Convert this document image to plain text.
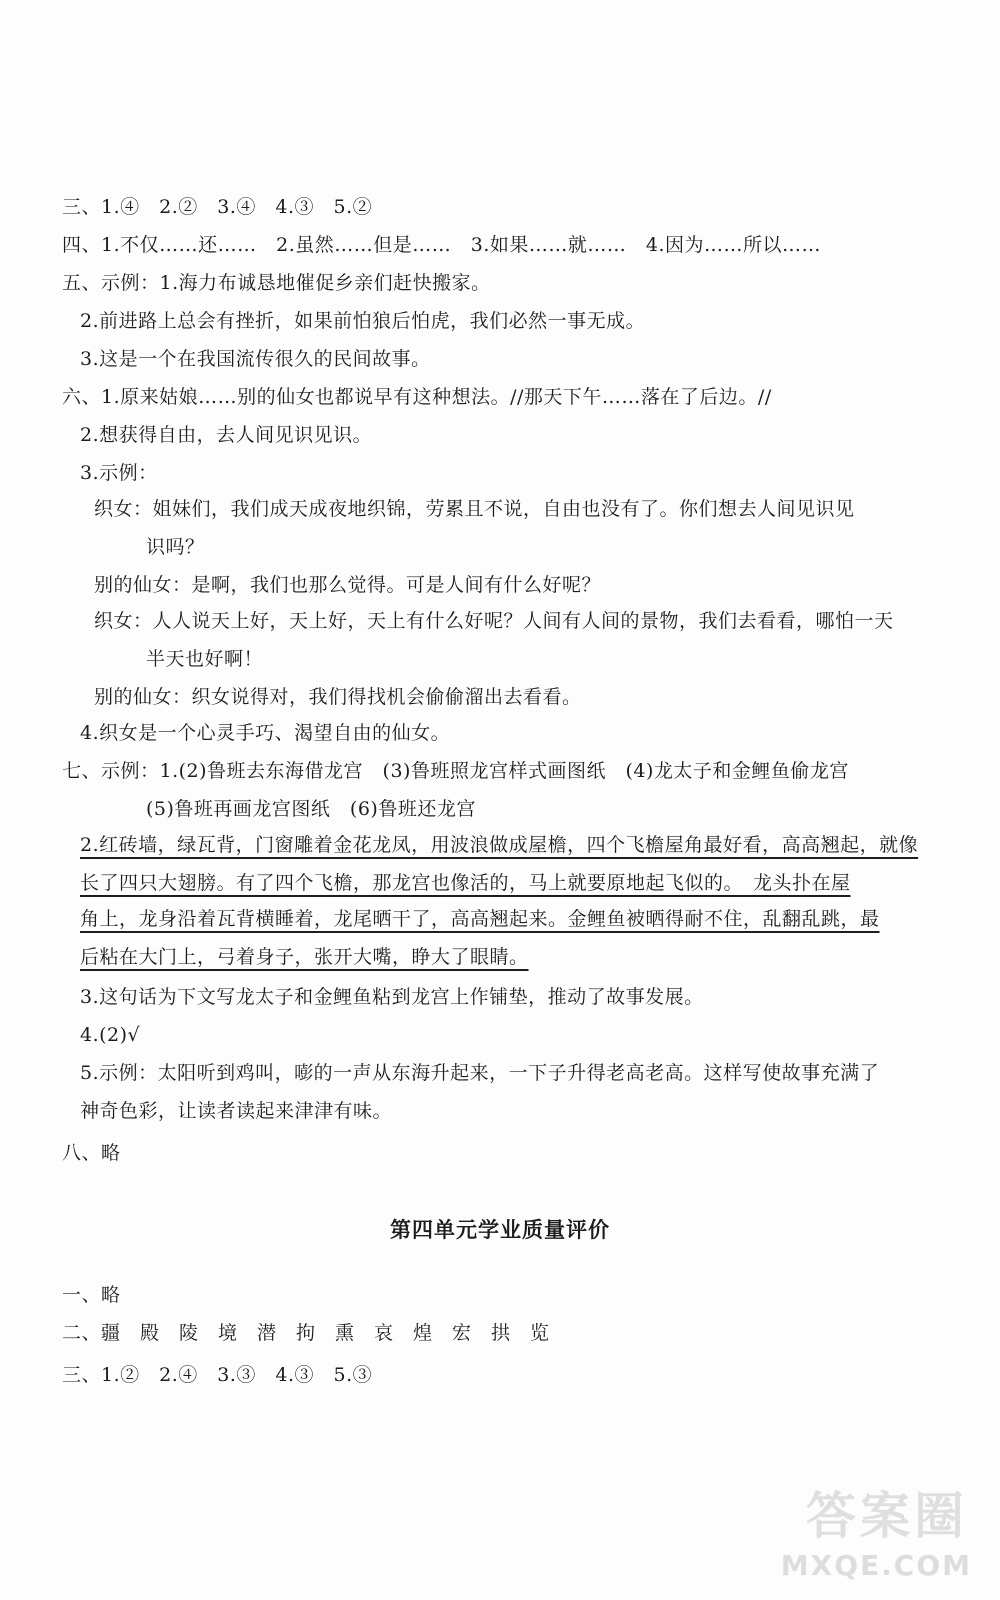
三、1.④　2.②　3.④　4.③　5.②
四、1.不仅……还……　2.虽然……但是……　3.如果……就……　4.因为……所以……
五、示例：1.海力布诚恳地催促乡亲们赶快搬家。
2.前进路上总会有挫折，如果前怕狼后怕虎，我们必然一事无成。
3.这是一个在我国流传很久的民间故事。
六、1.原来姑娘……别的仙女也都说早有这种想法。//那天下午……落在了后边。//
2.想获得自由，去人间见识见识。
3.示例：
织女：姐妹们，我们成天成夜地织锦，劳累且不说，自由也没有了。你们想去人间见识见
识吗？
别的仙女：是啊，我们也那么觉得。可是人间有什么好呢？
织女：人人说天上好，天上好，天上有什么好呢？人间有人间的景物，我们去看看，哪怕一天
半天也好啊！
别的仙女：织女说得对，我们得找机会偷偷溜出去看看。
4.织女是一个心灵手巧、渴望自由的仙女。
七、示例：1.(2)鲁班去东海借龙宫　(3)鲁班照龙宫样式画图纸　(4)龙太子和金鲤鱼偷龙宫
(5)鲁班再画龙宫图纸　(6)鲁班还龙宫
2.红砖墙，绿瓦背，门窗雕着金花龙凤，用波浪做成屋檐，四个飞檐屋角最好看，高高翘起，就像
长了四只大翅膀。有了四个飞檐，那龙宫也像活的，马上就要原地起飞似的。　龙头扑在屋
角上，龙身沿着瓦背横睡着，龙尾晒干了，高高翘起来。金鲤鱼被晒得耐不住，乱翻乱跳，最
后粘在大门上，弓着身子，张开大嘴，睁大了眼睛。
3.这句话为下文写龙太子和金鲤鱼粘到龙宫上作铺垫，推动了故事发展。
4.(2)√
5.示例：太阳听到鸡叫，嘭的一声从东海升起来，一下子升得老高老高。这样写使故事充满了
神奇色彩，让读者读起来津津有味。
八、略
第四单元学业质量评价
一、略
二、疆　殿　陵　境　潜　拘　熏　哀　煌　宏　拱　览
三、1.②　2.④　3.③　4.③　5.③
答案圈
MXQE.COM
